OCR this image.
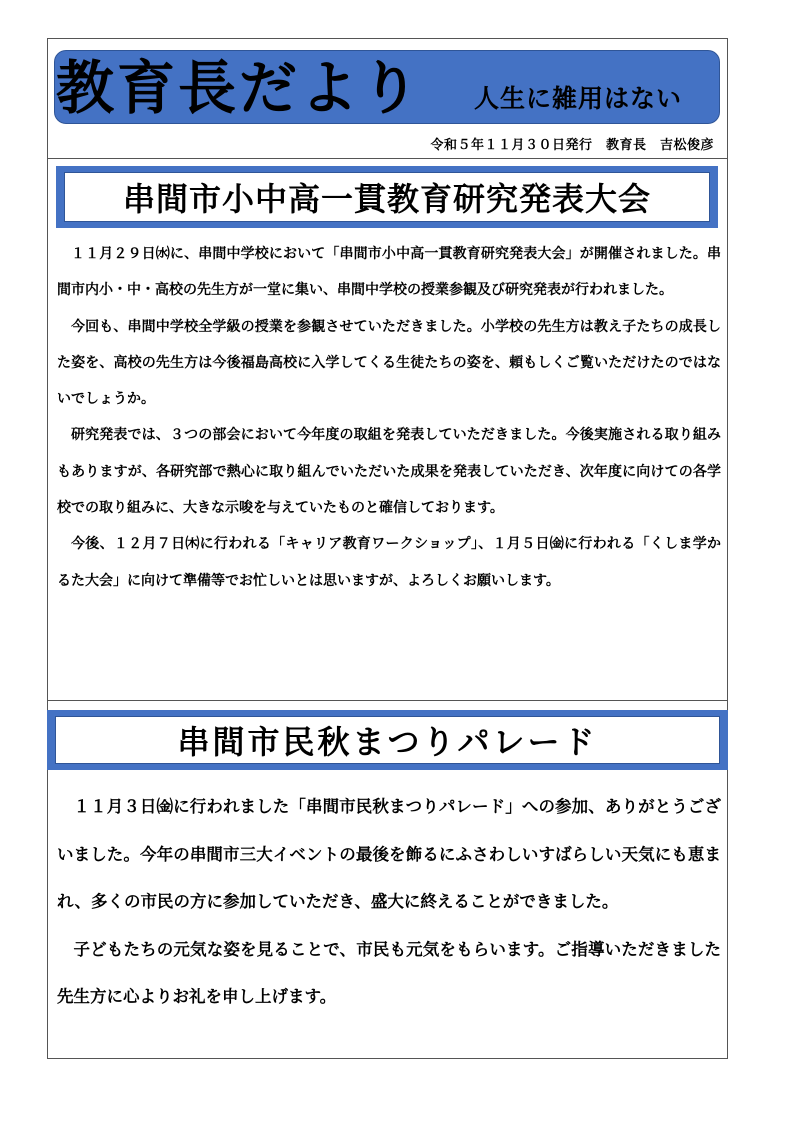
教育長だより 人生に雑用はない
令和５年１１月３０日発行　教育長　吉松俊彦
串間市小中高一貫教育研究発表大会

１１月２９日㈬に、串間中学校において「串間市小中高一貫教育研究発表大会」が開催されました。串間市内小・中・高校の先生方が一堂に集い、串間中学校の授業参観及び研究発表が行われました。

今回も、串間中学校全学級の授業を参観させていただきました。小学校の先生方は教え子たちの成長した姿を、高校の先生方は今後福島高校に入学してくる生徒たちの姿を、頼もしくご覧いただけたのではないでしょうか。

研究発表では、３つの部会において今年度の取組を発表していただきました。今後実施される取り組みもありますが、各研究部で熱心に取り組んでいただいた成果を発表していただき、次年度に向けての各学校での取り組みに、大きな示唆を与えていたものと確信しております。

今後、１２月７日㈭に行われる「キャリア教育ワークショップ」、１月５日㈮に行われる「くしま学かるた大会」に向けて準備等でお忙しいとは思いますが、よろしくお願いします。

串間市民秋まつりパレード

１１月３日㈮に行われました「串間市民秋まつりパレード」への参加、ありがとうございました。今年の串間市三大イベントの最後を飾るにふさわしいすばらしい天気にも恵まれ、多くの市民の方に参加していただき、盛大に終えることができました。

子どもたちの元気な姿を見ることで、市民も元気をもらいます。ご指導いただきました先生方に心よりお礼を申し上げます。
